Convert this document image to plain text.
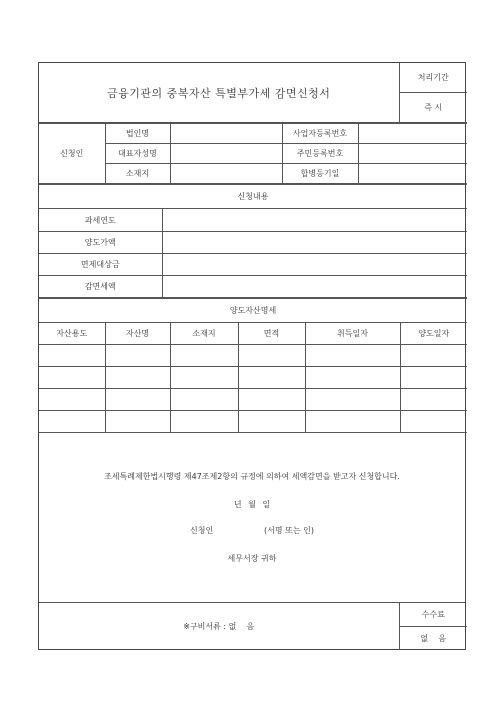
금융기관의 중복자산 특별부가세 감면신청서	처리기간
즉 시
신청인	법인명		사업자등록번호	
	대표자성명		주민등록번호	
	소재지		합병등기일	
신청내용	
과세연도	
양도가액	
면제대상금	
감면세액	
양도자산명세					
자산용도	자산명	소재지	면적	취득일자	양도일자

조세특례제한법시행령 제47조제2항의 규정에 의하여 세액감면을 받고자 신청합니다.
년 월 일
신청인                    (서명 또는 인)
세무서장 귀하
※구비서류 : 없    음	수수료
없    음
